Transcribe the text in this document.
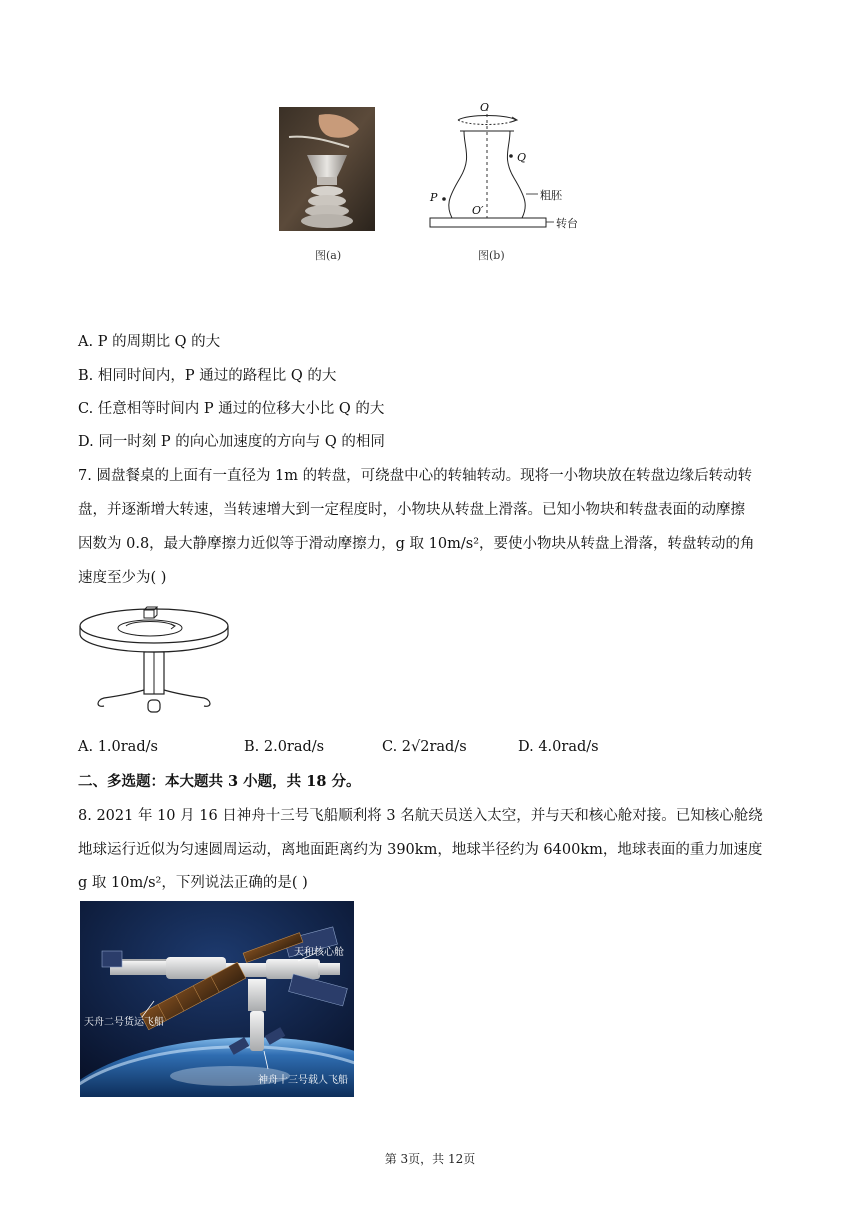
图(a)
O
Q
P
O′
粗胚
转台
图(b)
A. P 的周期比 Q 的大
B. 相同时间内，P 通过的路程比 Q 的大
C. 任意相等时间内 P 通过的位移大小比 Q 的大
D. 同一时刻 P 的向心加速度的方向与 Q 的相同
7. 圆盘餐桌的上面有一直径为 1m 的转盘，可绕盘中心的转轴转动。现将一小物块放在转盘边缘后转动转
盘，并逐渐增大转速，当转速增大到一定程度时，小物块从转盘上滑落。已知小物块和转盘表面的动摩擦
因数为 0.8，最大静摩擦力近似等于滑动摩擦力，g 取 10m/s²，要使小物块从转盘上滑落，转盘转动的角
速度至少为( )
A. 1.0rad/s	B. 2.0rad/s	C. 2√2rad/s	D. 4.0rad/s
二、多选题：本大题共 3 小题，共 18 分。
8. 2021 年 10 月 16 日神舟十三号飞船顺利将 3 名航天员送入太空，并与天和核心舱对接。已知核心舱绕
地球运行近似为匀速圆周运动，离地面距离约为 390km，地球半径约为 6400km，地球表面的重力加速度
g 取 10m/s²，下列说法正确的是( )
天和核心舱
天舟二号货运飞船
神舟十三号载人飞船
第 3页，共 12页
